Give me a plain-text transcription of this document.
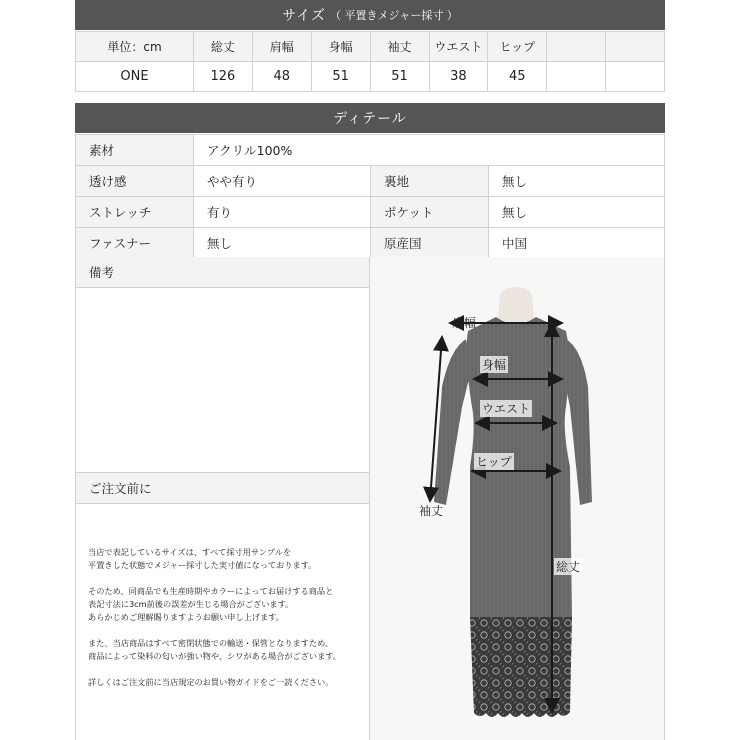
サイズ （ 平置きメジャー採寸 ）
単位：cm	総丈	肩幅	身幅	袖丈	ウエスト	ヒップ		
ONE	126	48	51	51	38	45		
ディテール
素材	アクリル100%
透け感	やや有り	裏地	無し
ストレッチ	有り	ポケット	無し
ファスナー	無し	原産国	中国
備考
ご注文前に

当店で表記しているサイズは、すべて採寸用サンプルを
平置きした状態でメジャー採寸した実寸値になっております。

そのため、同商品でも生産時期やカラーによってお届けする商品と
表記寸法に3cm前後の誤差が生じる場合がございます。
あらかじめご理解賜りますようお願い申し上げます。

また、当店商品はすべて密閉状態での輸送・保管となりますため、
商品によって染料の匂いが強い物や、シワがある場合がございます。

詳しくはご注文前に当店規定のお買い物ガイドをご一読ください。

肩幅
身幅
ウエスト
ヒップ
袖丈
総丈
